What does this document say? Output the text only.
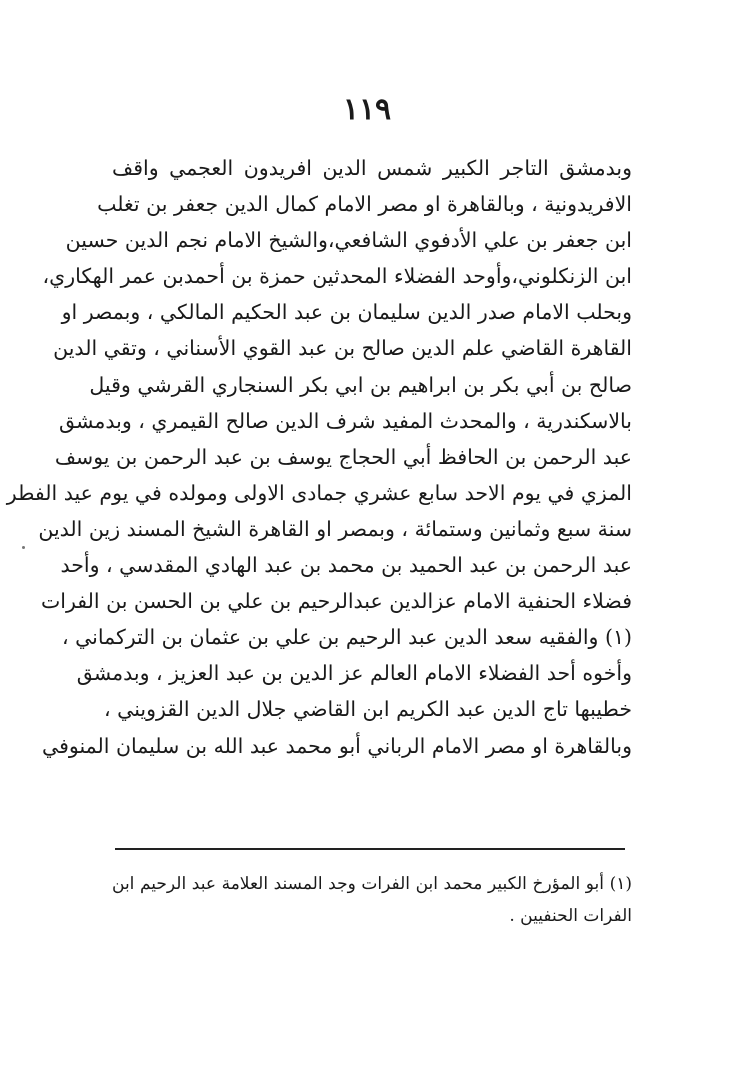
١١٩
وبدمشق التاجر الكبير شمس الدين افريدون العجمي واقف
الافريدونية ، وبالقاهرة او مصر الامام كمال الدين جعفر بن تغلب
ابن جعفر بن علي الأدفوي الشافعي،والشيخ الامام نجم الدين حسين
ابن الزنكلوني،وأوحد الفضلاء المحدثين حمزة بن أحمدبن عمر الهكاري،
وبحلب الامام صدر الدين سليمان بن عبد الحكيم المالكي ، وبمصر او
القاهرة القاضي علم الدين صالح بن عبد القوي الأسناني ، وتقي الدين
صالح بن أبي بكر بن ابراهيم بن ابي بكر السنجاري القرشي وقيل
بالاسكندرية ، والمحدث المفيد شرف الدين صالح القيمري ، وبدمشق
عبد الرحمن بن الحافظ أبي الحجاج يوسف بن عبد الرحمن بن يوسف
المزي في يوم الاحد سابع عشري جمادى الاولى ومولده في يوم عيد الفطر
سنة سبع وثمانين وستمائة ، وبمصر او القاهرة الشيخ المسند زين الدين
عبد الرحمن بن عبد الحميد بن محمد بن عبد الهادي المقدسي ، وأحد
فضلاء الحنفية الامام عزالدين عبدالرحيم بن علي بن الحسن بن الفرات
(١) والفقيه سعد الدين عبد الرحيم بن علي بن عثمان بن التركماني ،
وأخوه أحد الفضلاء الامام العالم عز الدين بن عبد العزيز ، وبدمشق
خطيبها تاج الدين عبد الكريم ابن القاضي جلال الدين القزويني ،
وبالقاهرة او مصر الامام الرباني أبو محمد عبد الله بن سليمان المنوفي
(١) أبو المؤرخ الكبير محمد ابن الفرات وجد المسند العلامة عبد الرحيم ابن
الفرات الحنفيين .
